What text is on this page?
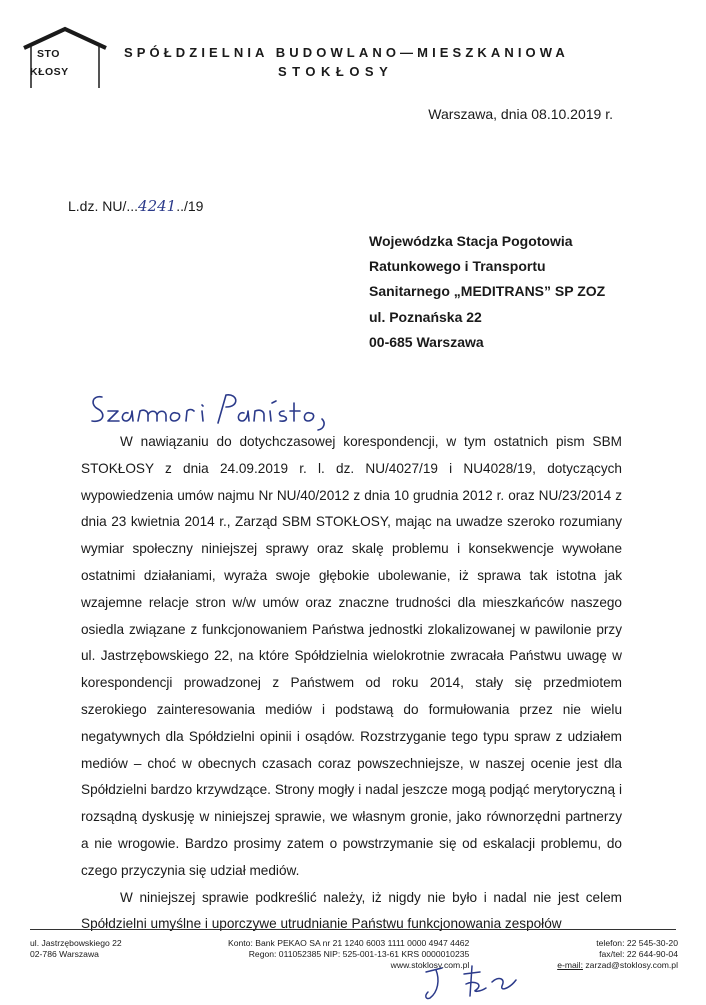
STO
KŁOSY
SPÓŁDZIELNIA BUDOWLANO—MIESZKANIOWA
STOKŁOSY
Warszawa, dnia 08.10.2019 r.
L.dz. NU/...4241../19
Wojewódzka Stacja Pogotowia
Ratunkowego i Transportu
Sanitarnego „MEDITRANS” SP ZOZ
ul. Poznańska 22
00-685 Warszawa

W nawiązaniu do dotychczasowej korespondencji, w tym ostatnich pism SBM STOKŁOSY z dnia 24.09.2019 r. l. dz. NU/4027/19 i NU4028/19, dotyczących wypowiedzenia umów najmu Nr NU/40/2012 z dnia 10 grudnia 2012 r. oraz NU/23/2014 z dnia 23 kwietnia 2014 r., Zarząd SBM STOKŁOSY, mając na uwadze szeroko rozumiany wymiar społeczny niniejszej sprawy oraz skalę problemu i konsekwencje wywołane ostatnimi działaniami, wyraża swoje głębokie ubolewanie, iż sprawa tak istotna jak wzajemne relacje stron w/w umów oraz znaczne trudności dla mieszkańców naszego osiedla związane z funkcjonowaniem Państwa jednostki zlokalizowanej w pawilonie przy ul. Jastrzębowskiego 22, na które Spółdzielnia wielokrotnie zwracała Państwu uwagę w korespondencji prowadzonej z Państwem od roku 2014, stały się przedmiotem szerokiego zainteresowania mediów i podstawą do formułowania przez nie wielu negatywnych dla Spółdzielni opinii i osądów. Rozstrzyganie tego typu spraw z udziałem mediów – choć w obecnych czasach coraz powszechniejsze, w naszej ocenie jest dla Spółdzielni bardzo krzywdzące. Strony mogły i nadal jeszcze mogą podjąć merytoryczną i rozsądną dyskusję w niniejszej sprawie, we własnym gronie, jako równorzędni partnerzy a nie wrogowie. Bardzo prosimy zatem o powstrzymanie się od eskalacji problemu, do czego przyczynia się udział mediów.

W niniejszej sprawie podkreślić należy, iż nigdy nie było i nadal nie jest celem Spółdzielni umyślne i uporczywe utrudnianie Państwu funkcjonowania zespołów

ul. Jastrzębowskiego 22
02-786 Warszawa
Konto: Bank PEKAO SA nr 21 1240 6003 1111 0000 4947 4462
Regon: 011052385 NIP: 525-001-13-61 KRS 0000010235
www.stoklosy.com.pl
telefon: 22 545-30-20
fax/tel: 22 644-90-04
e-mail: zarzad@stoklosy.com.pl
